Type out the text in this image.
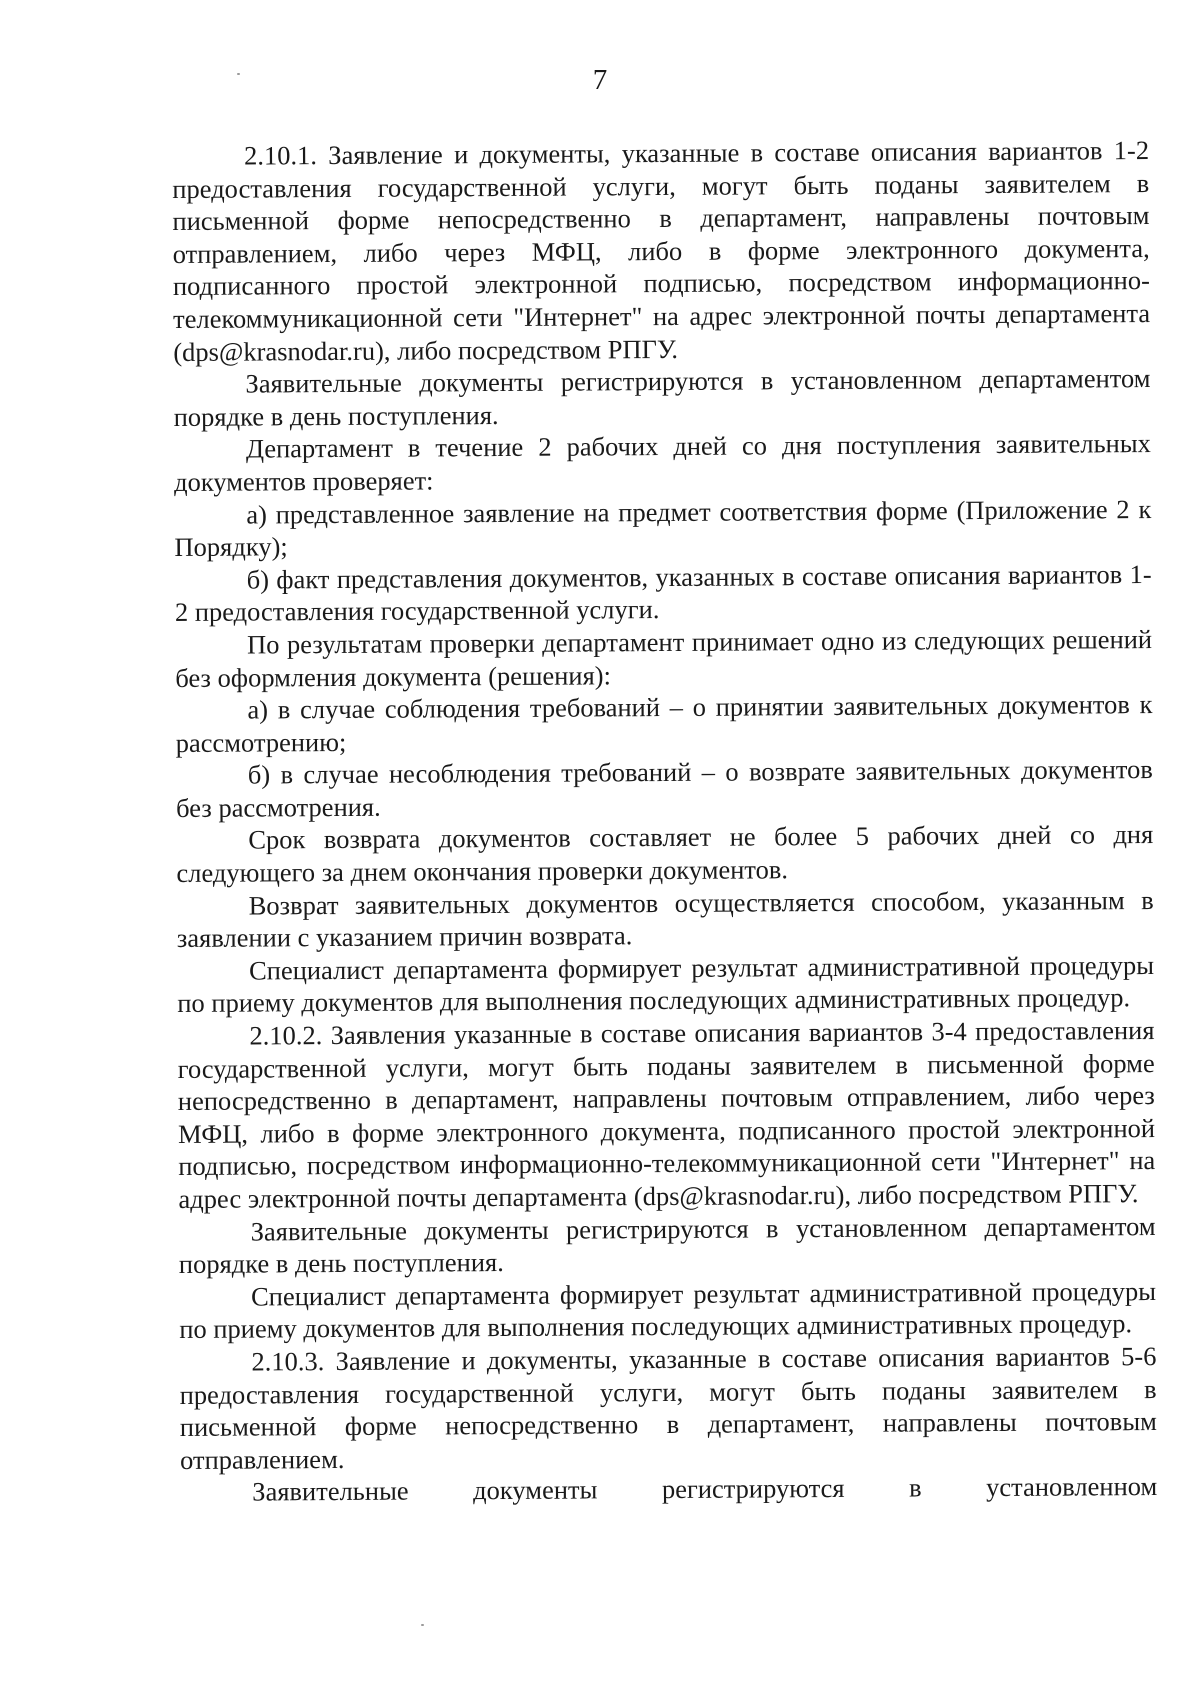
7

2.10.1. Заявление и документы, указанные в составе описания вариантов 1-2 предоставления государственной услуги, могут быть поданы заявителем в письменной форме непосредственно в департамент, направлены почтовым отправлением, либо через МФЦ, либо в форме электронного документа, подписанного простой электронной подписью, посредством информационно-телекоммуникационной сети "Интернет" на адрес электронной почты департамента (dps@krasnodar.ru), либо посредством РПГУ.

Заявительные документы регистрируются в установленном департаментом порядке в день поступления.

Департамент в течение 2 рабочих дней со дня поступления заявительных документов проверяет:

а) представленное заявление на предмет соответствия форме (Приложение 2 к Порядку);

б) факт представления документов, указанных в составе описания вариантов 1-2 предоставления государственной услуги.

По результатам проверки департамент принимает одно из следующих решений без оформления документа (решения):

а) в случае соблюдения требований – о принятии заявительных документов к рассмотрению;

б) в случае несоблюдения требований – о возврате заявительных документов без рассмотрения.

Срок возврата документов составляет не более 5 рабочих дней со дня следующего за днем окончания проверки документов.

Возврат заявительных документов осуществляется способом, указанным в заявлении с указанием причин возврата.

Специалист департамента формирует результат административной процедуры по приему документов для выполнения последующих административных процедур.

2.10.2. Заявления указанные в составе описания вариантов 3-4 предоставления государственной услуги, могут быть поданы заявителем в письменной форме непосредственно в департамент, направлены почтовым отправлением, либо через МФЦ, либо в форме электронного документа, подписанного простой электронной подписью, посредством информационно-телекоммуникационной сети "Интернет" на адрес электронной почты департамента (dps@krasnodar.ru), либо посредством РПГУ.

Заявительные документы регистрируются в установленном департаментом порядке в день поступления.

Специалист департамента формирует результат административной процедуры по приему документов для выполнения последующих административных процедур.

2.10.3. Заявление и документы, указанные в составе описания вариантов 5-6 предоставления государственной услуги, могут быть поданы заявителем в письменной форме непосредственно в департамент, направлены почтовым отправлением.

Заявительные документы регистрируются в установленном
